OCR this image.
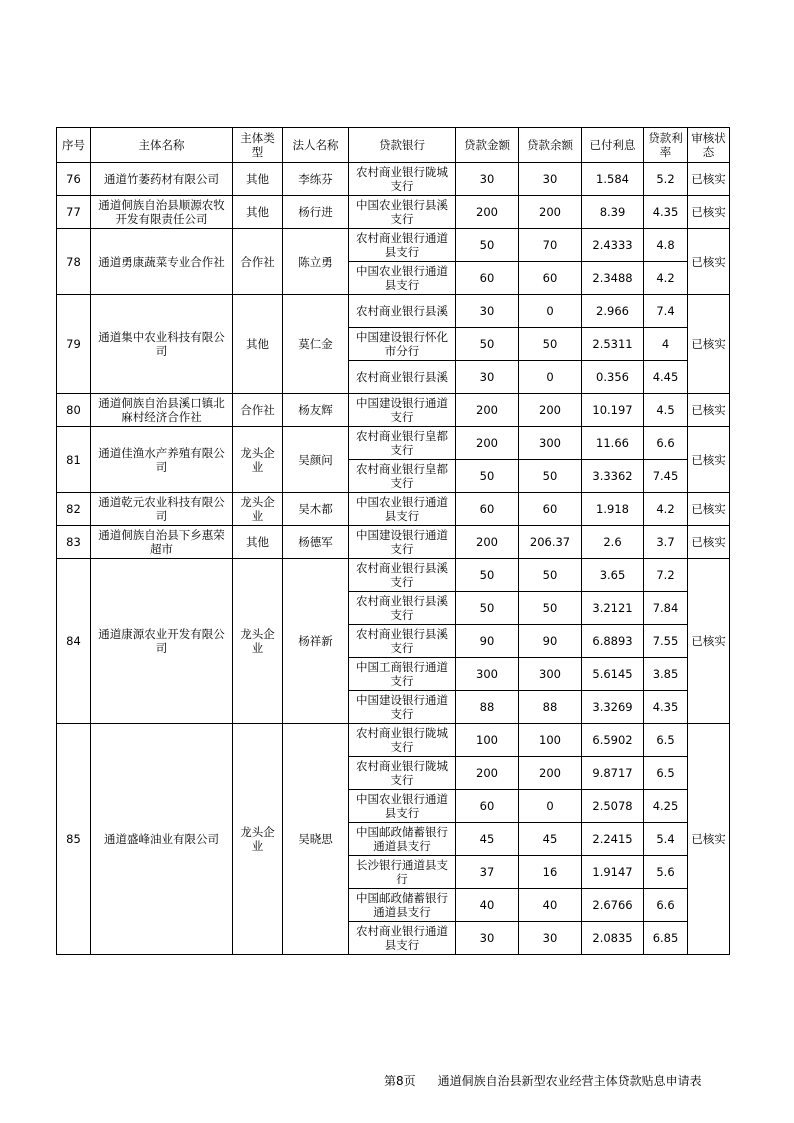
序号	主体名称	主体类型	法人名称	贷款银行	贷款金额	贷款余额	已付利息	贷款利率	审核状态
76	通道竹萎药材有限公司	其他	李练芬	农村商业银行陇城支行	30	30	1.584	5.2	已核实
77	通道侗族自治县顺源农牧开发有限责任公司	其他	杨行进	中国农业银行县溪支行	200	200	8.39	4.35	已核实
78	通道勇康蔬菜专业合作社	合作社	陈立勇	农村商业银行通道县支行	50	70	2.4333	4.8	已核实
				中国农业银行通道县支行	60	60	2.3488	4.2	
79	通道集中农业科技有限公司	其他	莫仁金	农村商业银行县溪	30	0	2.966	7.4	已核实
				中国建设银行怀化市分行	50	50	2.5311	4	
				农村商业银行县溪	30	0	0.356	4.45	
80	通道侗族自治县溪口镇北麻村经济合作社	合作社	杨友辉	中国建设银行通道支行	200	200	10.197	4.5	已核实
81	通道佳渔水产养殖有限公司	龙头企业	吴颜问	农村商业银行皇都支行	200	300	11.66	6.6	已核实
				农村商业银行皇都支行	50	50	3.3362	7.45	
82	通道乾元农业科技有限公司	龙头企业	吴木都	中国农业银行通道县支行	60	60	1.918	4.2	已核实
83	通道侗族自治县下乡惠荣超市	其他	杨德军	中国建设银行通道支行	200	206.37	2.6	3.7	已核实
84	通道康源农业开发有限公司	龙头企业	杨祥新	农村商业银行县溪支行	50	50	3.65	7.2	已核实
				农村商业银行县溪支行	50	50	3.2121	7.84	
				农村商业银行县溪支行	90	90	6.8893	7.55	
				中国工商银行通道支行	300	300	5.6145	3.85	
				中国建设银行通道支行	88	88	3.3269	4.35	
85	通道盛峰油业有限公司	龙头企业	吴晓思	农村商业银行陇城支行	100	100	6.5902	6.5	已核实
				农村商业银行陇城支行	200	200	9.8717	6.5	
				中国农业银行通道县支行	60	0	2.5078	4.25	
				中国邮政储蓄银行通道县支行	45	45	2.2415	5.4	
				长沙银行通道县支行	37	16	1.9147	5.6	
				中国邮政储蓄银行通道县支行	40	40	2.6766	6.6	
				农村商业银行通道县支行	30	30	2.0835	6.85	
第8页 通道侗族自治县新型农业经营主体贷款贴息申请表
